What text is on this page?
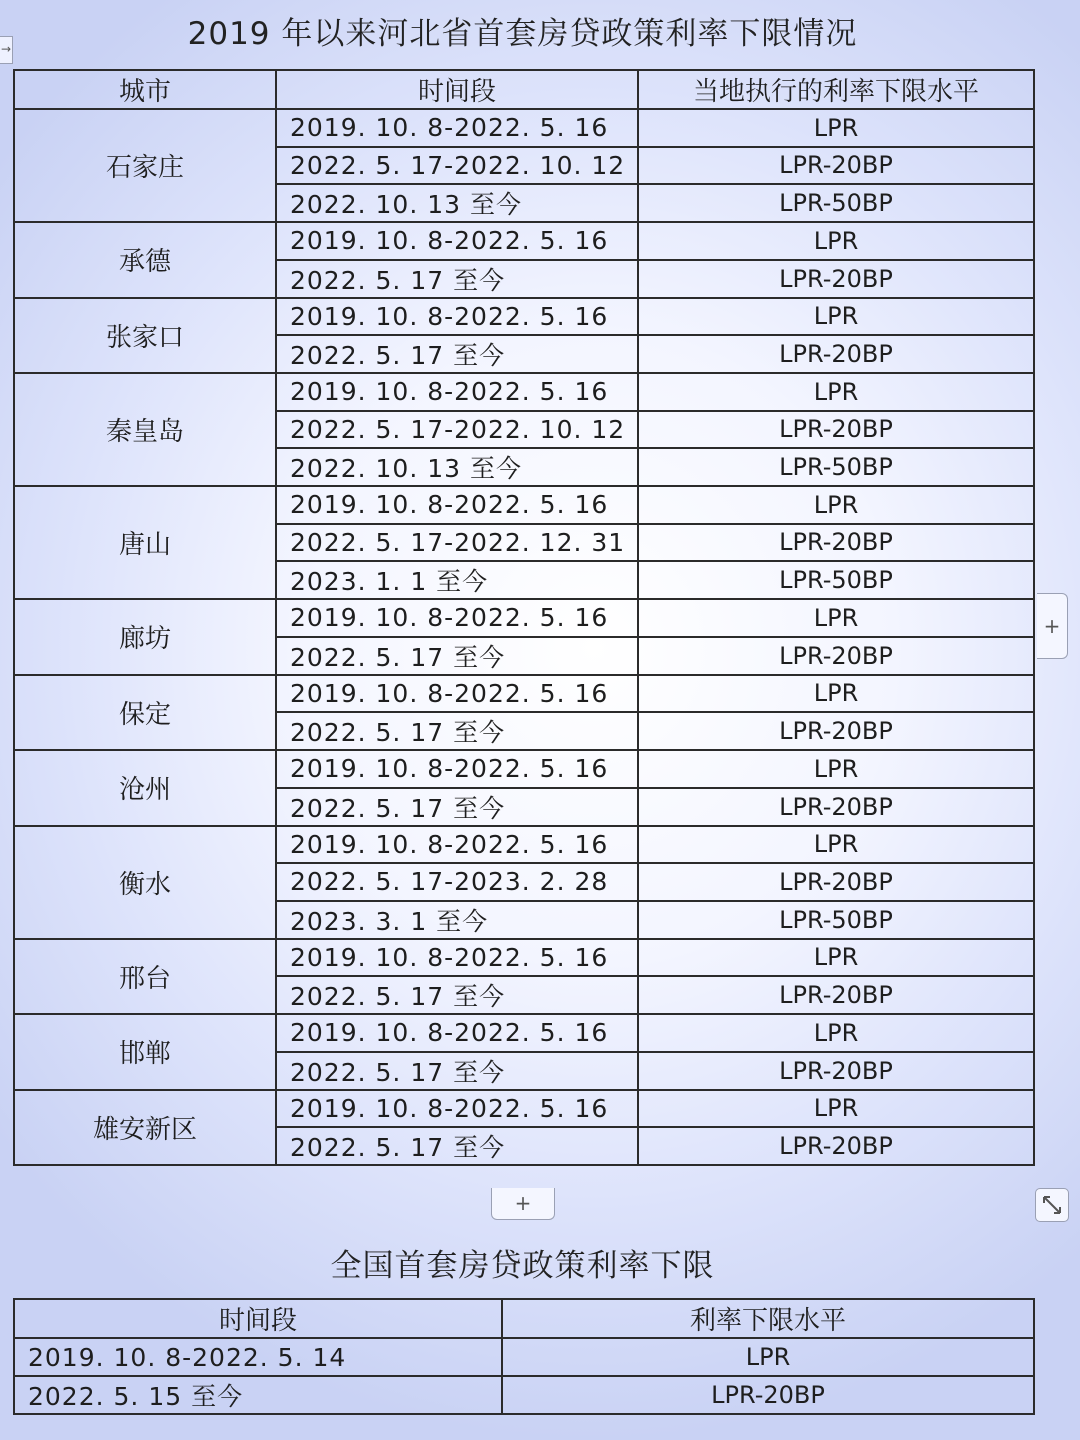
→	2019 年以来河北省首套房贷政策利率下限情况
城市	时间段	当地执行的利率下限水平
石家庄	2019. 10. 8-2022. 5. 16	LPR
	2022. 5. 17-2022. 10. 12	LPR-20BP
	2022. 10. 13 至今	LPR-50BP
承德	2019. 10. 8-2022. 5. 16	LPR
	2022. 5. 17 至今	LPR-20BP
张家口	2019. 10. 8-2022. 5. 16	LPR
	2022. 5. 17 至今	LPR-20BP
秦皇岛	2019. 10. 8-2022. 5. 16	LPR
	2022. 5. 17-2022. 10. 12	LPR-20BP
	2022. 10. 13 至今	LPR-50BP
唐山	2019. 10. 8-2022. 5. 16	LPR
	2022. 5. 17-2022. 12. 31	LPR-20BP
	2023. 1. 1 至今	LPR-50BP
廊坊	2019. 10. 8-2022. 5. 16	LPR
	2022. 5. 17 至今	LPR-20BP
保定	2019. 10. 8-2022. 5. 16	LPR
	2022. 5. 17 至今	LPR-20BP
沧州	2019. 10. 8-2022. 5. 16	LPR
	2022. 5. 17 至今	LPR-20BP
衡水	2019. 10. 8-2022. 5. 16	LPR
	2022. 5. 17-2023. 2. 28	LPR-20BP
	2023. 3. 1 至今	LPR-50BP
邢台	2019. 10. 8-2022. 5. 16	LPR
	2022. 5. 17 至今	LPR-20BP
邯郸	2019. 10. 8-2022. 5. 16	LPR
	2022. 5. 17 至今	LPR-20BP
雄安新区	2019. 10. 8-2022. 5. 16	LPR
	2022. 5. 17 至今	LPR-20BP
+
+
全国首套房贷政策利率下限
时间段	利率下限水平
2019. 10. 8-2022. 5. 14	LPR
2022. 5. 15 至今	LPR-20BP
